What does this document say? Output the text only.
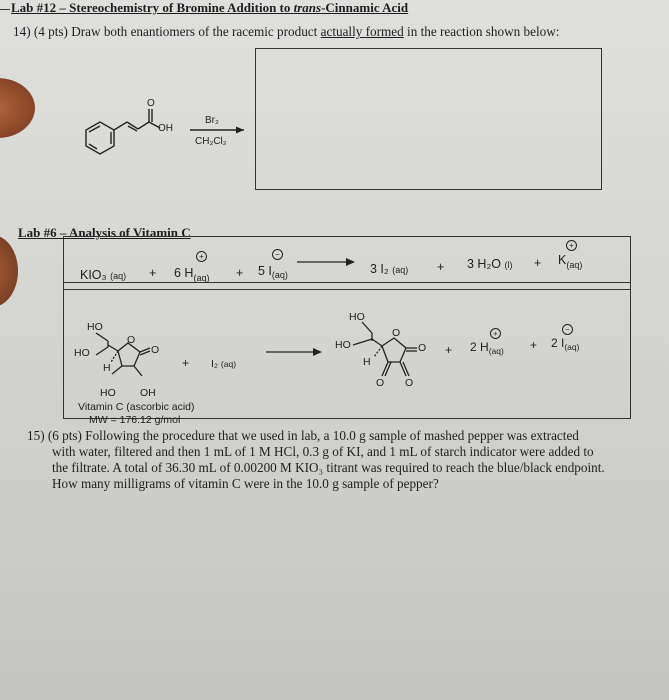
Lab #12 – Stereochemistry of Bromine Addition to trans-Cinnamic Acid
14) (4 pts) Draw both enantiomers of the racemic product actually formed in the reaction shown below:
O
OH
Br₂
CH₂Cl₂
Lab #6 – Analysis of Vitamin C
KIO₃ (aq) + 6 $H_{(aq)}$
+
+ 5 $I_{(aq)}$
−
3 I₂ (aq) + 3 H₂O $(l) + K_{(aq)}$
+
HO
HO
O
O
H
HO OH
Vitamin C (ascorbic acid)
MW = 176.12 g/mol
+ I₂ (aq)
HO
HO
O
O
H
O O
+ 2 $H_{(aq)}$
+
+ 2 $I_{(aq)}$
−
15) (6 pts) Following the procedure that we used in lab, a 10.0 g sample of mashed pepper was extracted
with water, filtered and then 1 mL of 1 M HCl, 0.3 g of KI, and 1 mL of starch indicator were added to
the filtrate. A total of 36.30 mL of 0.00200 M KIO₃ titrant was required to reach the blue/black endpoint.
How many milligrams of vitamin C were in the 10.0 g sample of pepper?
